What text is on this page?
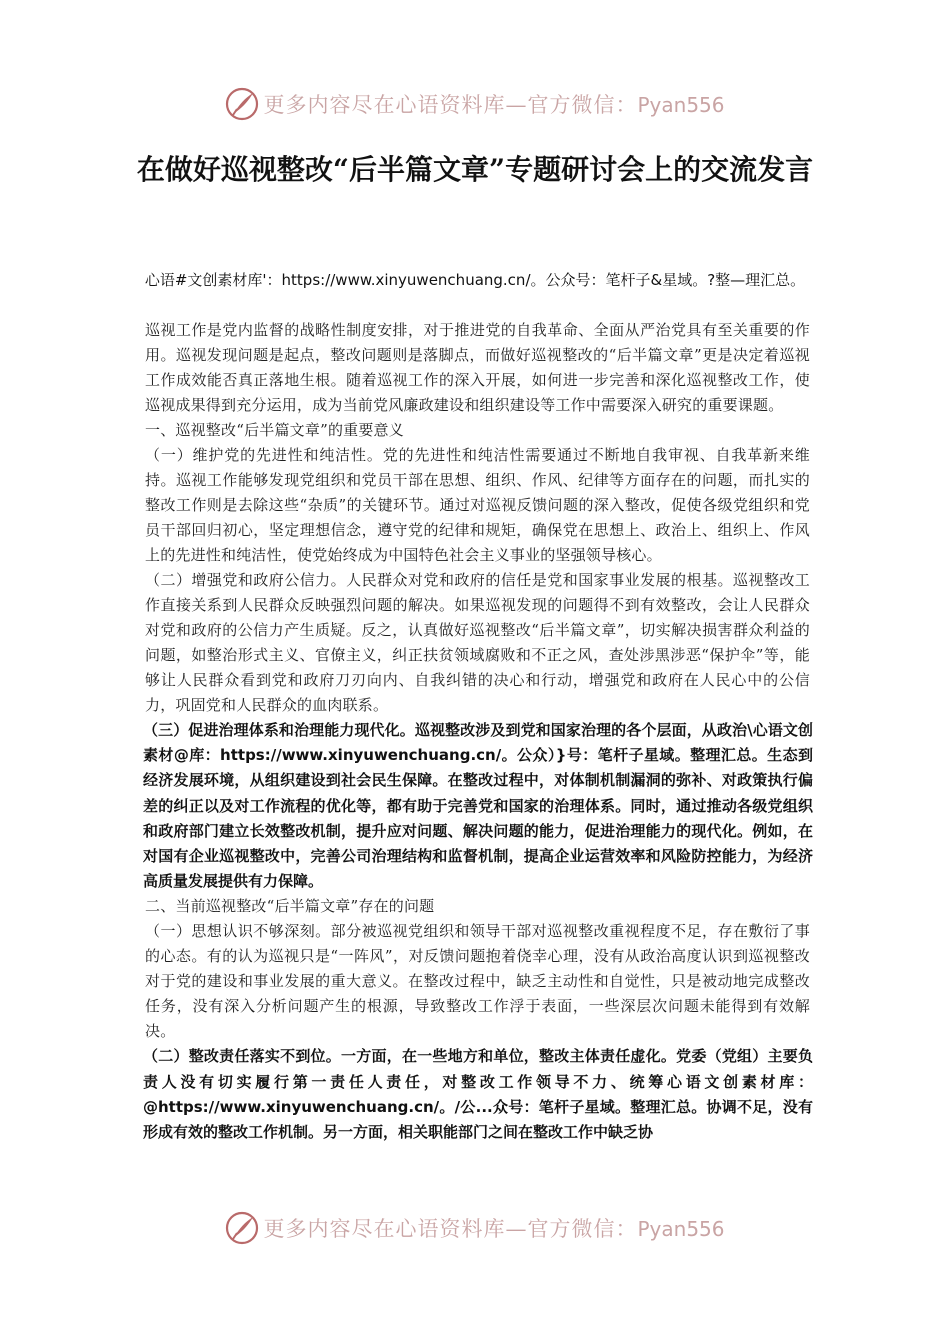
更多内容尽在心语资料库—官方微信：Pyan556
在做好巡视整改“后半篇文章”专题研讨会上的交流发言
心语#文创素材库'：https://www.xinyuwenchuang.cn/。公众号：笔杆子&星域。?整—理汇总。

巡视工作是党内监督的战略性制度安排，对于推进党的自我革命、全面从严治党具有至关重要的作用。巡视发现问题是起点，整改问题则是落脚点，而做好巡视整改的“后半篇文章”更是决定着巡视工作成效能否真正落地生根。随着巡视工作的深入开展，如何进一步完善和深化巡视整改工作，使巡视成果得到充分运用，成为当前党风廉政建设和组织建设等工作中需要深入研究的重要课题。

一、巡视整改“后半篇文章”的重要意义

（一）维护党的先进性和纯洁性。党的先进性和纯洁性需要通过不断地自我审视、自我革新来维持。巡视工作能够发现党组织和党员干部在思想、组织、作风、纪律等方面存在的问题，而扎实的整改工作则是去除这些“杂质”的关键环节。通过对巡视反馈问题的深入整改，促使各级党组织和党员干部回归初心，坚定理想信念，遵守党的纪律和规矩，确保党在思想上、政治上、组织上、作风上的先进性和纯洁性，使党始终成为中国特色社会主义事业的坚强领导核心。

（二）增强党和政府公信力。人民群众对党和政府的信任是党和国家事业发展的根基。巡视整改工作直接关系到人民群众反映强烈问题的解决。如果巡视发现的问题得不到有效整改，会让人民群众对党和政府的公信力产生质疑。反之，认真做好巡视整改“后半篇文章”，切实解决损害群众利益的问题，如整治形式主义、官僚主义，纠正扶贫领域腐败和不正之风，查处涉黑涉恶“保护伞”等，能够让人民群众看到党和政府刀刃向内、自我纠错的决心和行动，增强党和政府在人民心中的公信力，巩固党和人民群众的血肉联系。

（三）促进治理体系和治理能力现代化。巡视整改涉及到党和国家治理的各个层面，从政治\心语文创素材@库：https://www.xinyuwenchuang.cn/。公众）}号：笔杆子星域。整理汇总。生态到经济发展环境，从组织建设到社会民生保障。在整改过程中，对体制机制漏洞的弥补、对政策执行偏差的纠正以及对工作流程的优化等，都有助于完善党和国家的治理体系。同时，通过推动各级党组织和政府部门建立长效整改机制，提升应对问题、解决问题的能力，促进治理能力的现代化。例如，在对国有企业巡视整改中，完善公司治理结构和监督机制，提高企业运营效率和风险防控能力，为经济高质量发展提供有力保障。

二、当前巡视整改“后半篇文章”存在的问题

（一）思想认识不够深刻。部分被巡视党组织和领导干部对巡视整改重视程度不足，存在敷衍了事的心态。有的认为巡视只是“一阵风”，对反馈问题抱着侥幸心理，没有从政治高度认识到巡视整改对于党的建设和事业发展的重大意义。在整改过程中，缺乏主动性和自觉性，只是被动地完成整改任务，没有深入分析问题产生的根源，导致整改工作浮于表面，一些深层次问题未能得到有效解决。

（二）整改责任落实不到位。一方面，在一些地方和单位，整改主体责任虚化。党委（党组）主要负责人没有切实履行第一责任人责任，对整改工作领导不力、统筹心语文创素材库：@https://www.xinyuwenchuang.cn/。/公...众号：笔杆子星域。整理汇总。协调不足，没有形成有效的整改工作机制。另一方面，相关职能部门之间在整改工作中缺乏协

更多内容尽在心语资料库—官方微信：Pyan556
